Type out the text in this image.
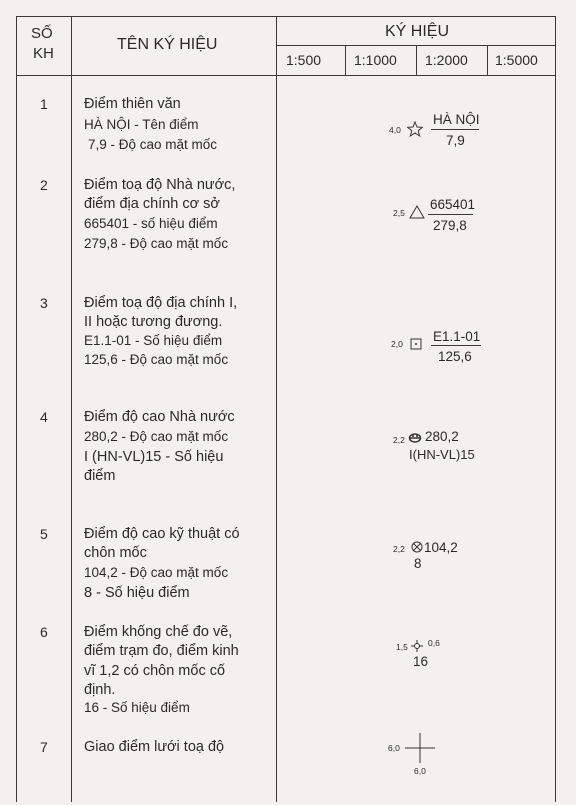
SỐ
KH
TÊN KÝ HIỆU
KÝ HIỆU
1:500 1:1000 1:2000 1:5000
1 Điểm thiên văn
HÀ NỘI - Tên điểm
7,9 - Độ cao mặt mốc
4,0
HÀ NỘI
7,9
2 Điểm toạ độ Nhà nước,
điểm địa chính cơ sở
665401 - số hiệu điểm
279,8 - Độ cao mặt mốc
2,5
665401
279,8
3 Điểm toạ độ địa chính I,
II hoặc tương đương.
E1.1-01 - Số hiệu điểm
125,6 - Độ cao mặt mốc
2,0 E1.1-01
125,6
4 Điểm độ cao Nhà nước
280,2 - Độ cao mặt mốc
I (HN-VL)15 - Số hiệu
điểm
2,2 280,2
I(HN-VL)15
5 Điểm độ cao kỹ thuật có
chôn mốc
104,2 - Độ cao mặt mốc
8 - Số hiệu điểm
2,2 104,2
8
6 Điểm khống chế đo vẽ,
điểm trạm đo, điểm kinh
vĩ 1,2 có chôn mốc cố
định.
16 - Số hiệu điểm
1,5 0,6
16
7 Giao điểm lưới toạ độ	6,0
6,0
